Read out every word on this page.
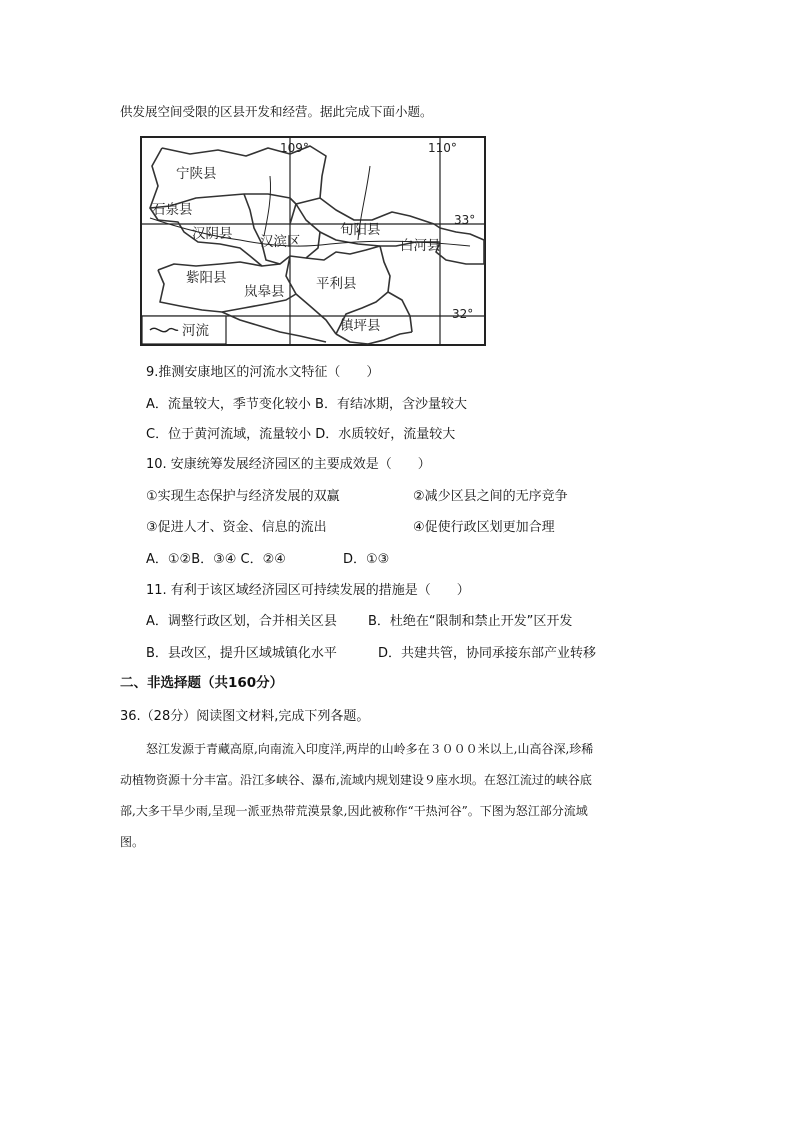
供发展空间受限的区县开发和经营。据此完成下面小题。
109°	110°
33°
32°
宁陕县
石泉县
汉阴县 汉滨区
旬阳县
白河县
紫阳县
岚皋县 平利县
镇坪县
河流
9.推测安康地区的河流水文特征（　　）
A．流量较大，季节变化较小 B．有结冰期，含沙量较大
C．位于黄河流域，流量较小 D．水质较好，流量较大
10. 安康统筹发展经济园区的主要成效是（　　）
①实现生态保护与经济发展的双赢	②减少区县之间的无序竞争
③促进人才、资金、信息的流出	④促使行政区划更加合理
A．①②B．③④ C．②④	D．①③
11. 有利于该区域经济园区可持续发展的措施是（　　）
A．调整行政区划，合并相关区县 B．杜绝在“限制和禁止开发”区开发
B．县改区，提升区域城镇化水平	D．共建共管，协同承接东部产业转移
二、非选择题（共160分）
36.（28分）阅读图文材料,完成下列各题。
怒江发源于青藏高原,向南流入印度洋,两岸的山岭多在３０００米以上,山高谷深,珍稀
动植物资源十分丰富。沿江多峡谷、瀑布,流域内规划建设９座水坝。在怒江流过的峡谷底
部,大多干旱少雨,呈现一派亚热带荒漠景象,因此被称作“干热河谷”。下图为怒江部分流域
图。
